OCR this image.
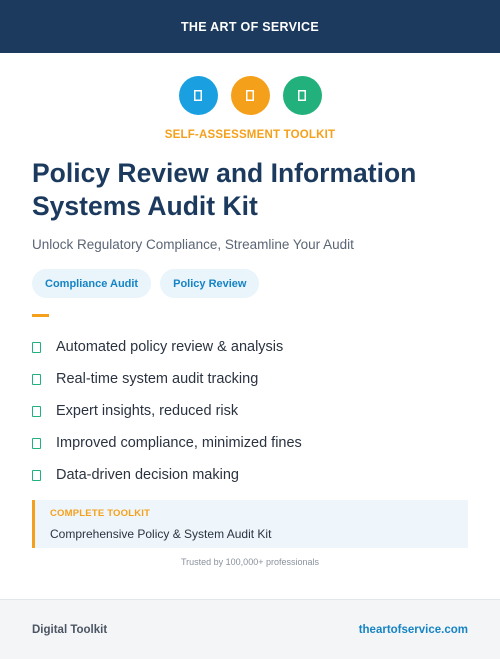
THE ART OF SERVICE
SELF-ASSESSMENT TOOLKIT
Policy Review and Information
Systems Audit Kit
Unlock Regulatory Compliance, Streamline Your Audit
Compliance Audit	Policy Review
Automated policy review & analysis
Real-time system audit tracking
Expert insights, reduced risk
Improved compliance, minimized fines
Data-driven decision making
COMPLETE TOOLKIT
Comprehensive Policy & System Audit Kit
Trusted by 100,000+ professionals
Digital Toolkit	theartofservice.com
